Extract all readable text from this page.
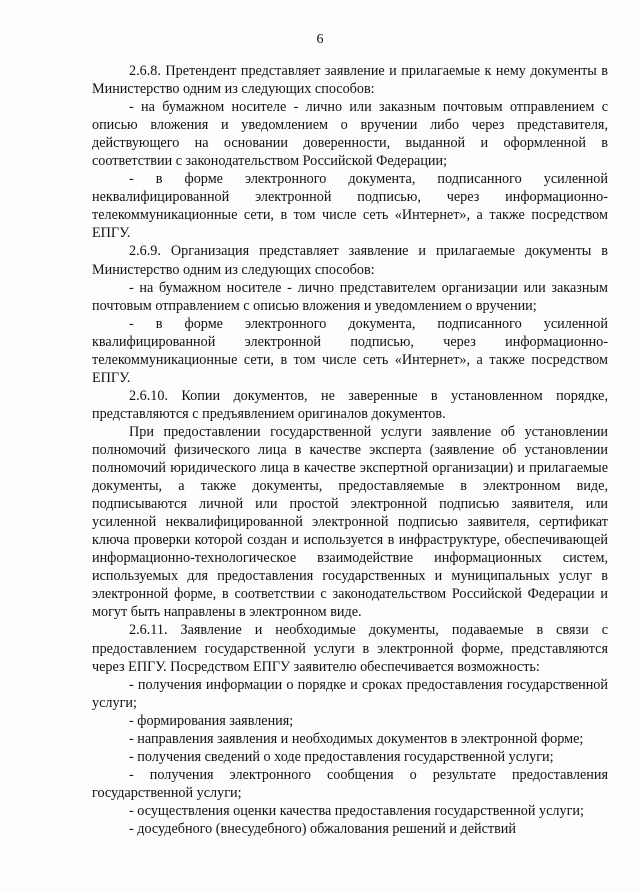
6

2.6.8. Претендент представляет заявление и прилагаемые к нему документы в Министерство одним из следующих способов:

- на бумажном носителе - лично или заказным почтовым отправлением с описью вложения и уведомлением о вручении либо через представителя, действующего на основании доверенности, выданной и оформленной в соответствии с законодательством Российской Федерации;

- в форме электронного документа, подписанного усиленной неквалифицированной электронной подписью, через информационно-телекоммуникационные сети, в том числе сеть «Интернет», а также посредством ЕПГУ.

2.6.9. Организация представляет заявление и прилагаемые документы в Министерство одним из следующих способов:

- на бумажном носителе - лично представителем организации или заказным почтовым отправлением с описью вложения и уведомлением о вручении;

- в форме электронного документа, подписанного усиленной квалифицированной электронной подписью, через информационно-телекоммуникационные сети, в том числе сеть «Интернет», а также посредством ЕПГУ.

2.6.10. Копии документов, не заверенные в установленном порядке, представляются с предъявлением оригиналов документов.

При предоставлении государственной услуги заявление об установлении полномочий физического лица в качестве эксперта (заявление об установлении полномочий юридического лица в качестве экспертной организации) и прилагаемые документы, а также документы, предоставляемые в электронном виде, подписываются личной или простой электронной подписью заявителя, или усиленной неквалифицированной электронной подписью заявителя, сертификат ключа проверки которой создан и используется в инфраструктуре, обеспечивающей информационно-технологическое взаимодействие информационных систем, используемых для предоставления государственных и муниципальных услуг в электронной форме, в соответствии с законодательством Российской Федерации и могут быть направлены в электронном виде.

2.6.11. Заявление и необходимые документы, подаваемые в связи с предоставлением государственной услуги в электронной форме, представляются через ЕПГУ. Посредством ЕПГУ заявителю обеспечивается возможность:

- получения информации о порядке и сроках предоставления государственной услуги;

- формирования заявления;

- направления заявления и необходимых документов в электронной форме;

- получения сведений о ходе предоставления государственной услуги;

- получения электронного сообщения о результате предоставления государственной услуги;

- осуществления оценки качества предоставления государственной услуги;

- досудебного (внесудебного) обжалования решений и действий
